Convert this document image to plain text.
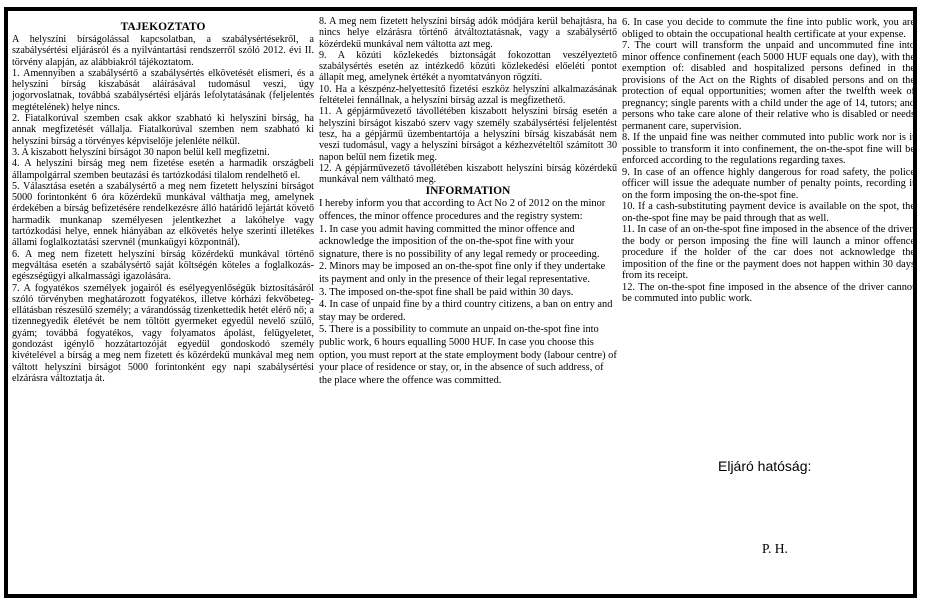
TAJEKOZTATO

A helyszíni bírságolással kapcsolatban, a szabálysértésekről, a szabálysértési eljárásról és a nyilvántartási rendszerről szóló 2012. évi II. törvény alapján, az alábbiakról tájékoztatom.

1. Amennyiben a szabálysértő a szabálysértés elkövetését elismeri, és a helyszíni bírság kiszabását aláírásával tudomásul veszi, úgy jogorvoslatnak, továbbá szabálysértési eljárás lefolytatásának (feljelentés megtételének) helye nincs.

2. Fiatalkorúval szemben csak akkor szabható ki helyszíni bírság, ha annak megfizetését vállalja. Fiatalkorúval szemben nem szabható ki helyszíni bírság a törvényes képviselője jelenléte nélkül.

3. A kiszabott helyszíni bírságot 30 napon belül kell megfizetni.

4. A helyszíni bírság meg nem fizetése esetén a harmadik országbeli állampolgárral szemben beutazási és tartózkodási tilalom rendelhető el.

5. Választása esetén a szabálysértő a meg nem fizetett helyszíni bírságot 5000 forintonként 6 óra közérdekű munkával válthatja meg, amelynek érdekében a bírság befizetésére rendelkezésre álló határidő lejártát követő harmadik munkanap személyesen jelentkezhet a lakóhelye vagy tartózkodási helye, ennek hiányában az elkövetés helye szerinti illetékes állami foglalkoztatási szervnél (munkaügyi központnál).

6. A meg nem fizetett helyszíni bírság közérdekű munkával történő megváltása esetén a szabálysértő saját költségén köteles a foglalkozás-egészségügyi alkalmassági igazolására.

7. A fogyatékos személyek jogairól és esélyegyenlőségük biztosításáról szóló törvényben meghatározott fogyatékos, illetve kórházi fekvőbeteg-ellátásban részesülő személy; a várandósság tizenkettedik hetét elérő nő; a tizennegyedik életévét be nem töltött gyermeket egyedül nevelő szülő, gyám; továbbá fogyatékos, vagy folyamatos ápolást, felügyeletet, gondozást igénylő hozzátartozóját egyedül gondoskodó személy kivételével a bírság a meg nem fizetett és közérdekű munkával meg nem váltott helyszíni bírságot 5000 forintonként egy napi szabálysértési elzárásra változtatja át.

8. A meg nem fizetett helyszíni bírság adók módjára kerül behajtásra, ha nincs helye elzárásra történő átváltoztatásnak, vagy a szabálysértő közérdekű munkával nem váltotta azt meg.

9. A közúti közlekedés biztonságát fokozottan veszélyeztető szabálysértés esetén az intézkedő közúti közlekedési előeléti pontot állapít meg, amelynek értékét a nyomtatványon rögzíti.

10. Ha a készpénz-helyettesítő fizetési eszköz helyszíni alkalmazásának feltételei fennállnak, a helyszíni bírság azzal is megfizethető.

11. A gépjárművezető távollétében kiszabott helyszíni bírság esetén a helyszíni bírságot kiszabó szerv vagy személy szabálysértési feljelentést tesz, ha a gépjármű üzembentartója a helyszíni bírság kiszabását nem veszi tudomásul, vagy a helyszíni bírságot a kézhezvételtől számított 30 napon belül nem fizetik meg.

12. A gépjárművezető távollétében kiszabott helyszíni bírság közérdekű munkával nem váltható meg.

INFORMATION

I hereby inform you that according to Act No 2 of 2012 on the minor offences, the minor offence procedures and the registry system:

1. In case you admit having committed the minor offence and acknowledge the imposition of the on-the-spot fine with your signature, there is no possibility of any legal remedy or proceeding.

2. Minors may be imposed an on-the-spot fine only if they undertake its payment and only in the presence of their legal representative.

3. The imposed on-the-spot fine shall be paid within 30 days.

4. In case of unpaid fine by a third country citizens, a ban on entry and stay may be ordered.

5. There is a possibility to commute an unpaid on-the-spot fine into public work, 6 hours equalling 5000 HUF. In case you choose this option, you must report at the state employment body (labour centre) of your place of residence or stay, or, in the absence of such address, of the place where the offence was committed.

6. In case you decide to commute the fine into public work, you are obliged to obtain the occupational health certificate at your expense.

7. The court will transform the unpaid and uncommuted fine into minor offence confinement (each 5000 HUF equals one day), with the exemption of: disabled and hospitalized persons defined in the provisions of the Act on the Rights of disabled persons and on the protection of equal opportunities; women after the twelfth week of pregnancy; single parents with a child under the age of 14, tutors; and persons who take care alone of their relative who is disabled or needs permanent care, supervision.

8. If the unpaid fine was neither commuted into public work nor is it possible to transform it into confinement, the on-the-spot fine will be enforced according to the regulations regarding taxes.

9. In case of an offence highly dangerous for road safety, the police officer will issue the adequate number of penalty points, recording it on the form imposing the on-the-spot fine.

10. If a cash-substituting payment device is available on the spot, the on-the-spot fine may be paid through that as well.

11. In case of an on-the-spot fine imposed in the absence of the driver, the body or person imposing the fine will launch a minor offence procedure if the holder of the car does not acknowledge the imposition of the fine or the payment does not happen within 30 days from its receipt.

12. The on-the-spot fine imposed in the absence of the driver cannot be commuted into public work.

Eljáró hatóság:
P. H.
